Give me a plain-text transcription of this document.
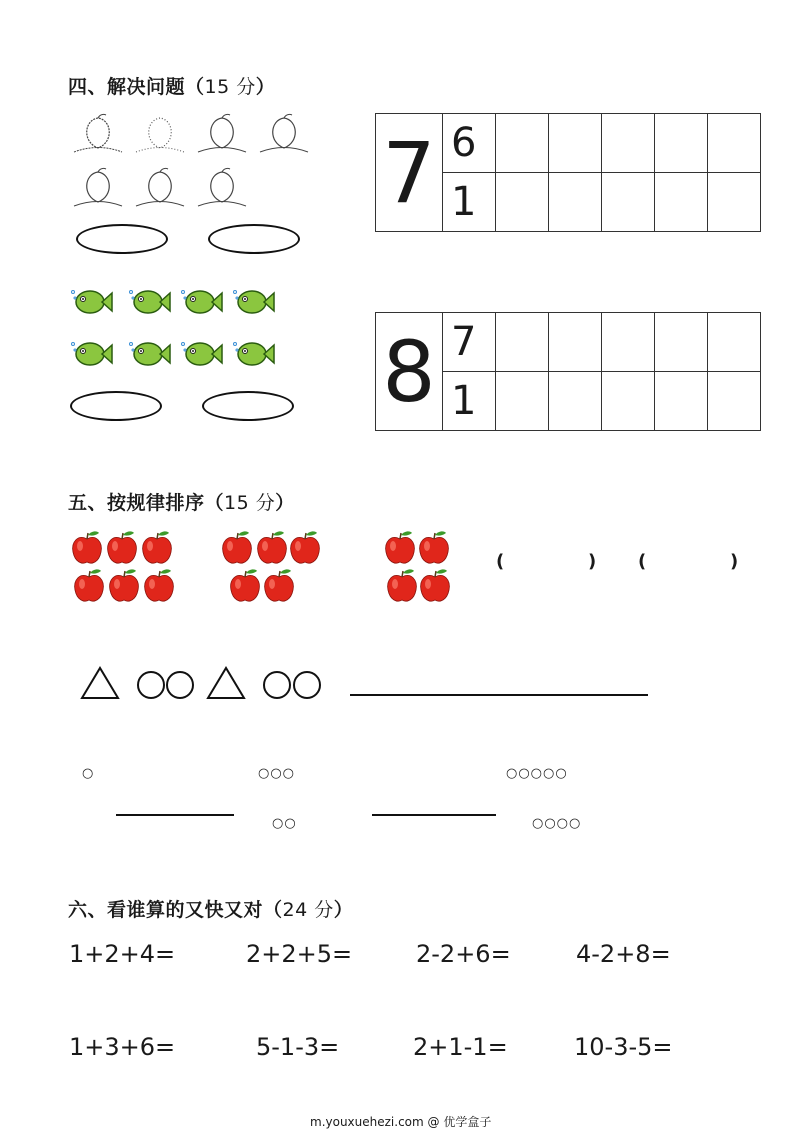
四、解决问题（15 分）
7	6					
	1					
8	7					
	1					
五、按规律排序（15 分）
(	) (	)
○	○○○	○○○○○
○○	○○○○
六、看谁算的又快又对（24 分）
1+2+4=	2+2+5=	2-2+6=	4-2+8=
1+3+6=	5-1-3=	2+1-1=	10-3-5=
m.youxuehezi.com @ 优学盒子
